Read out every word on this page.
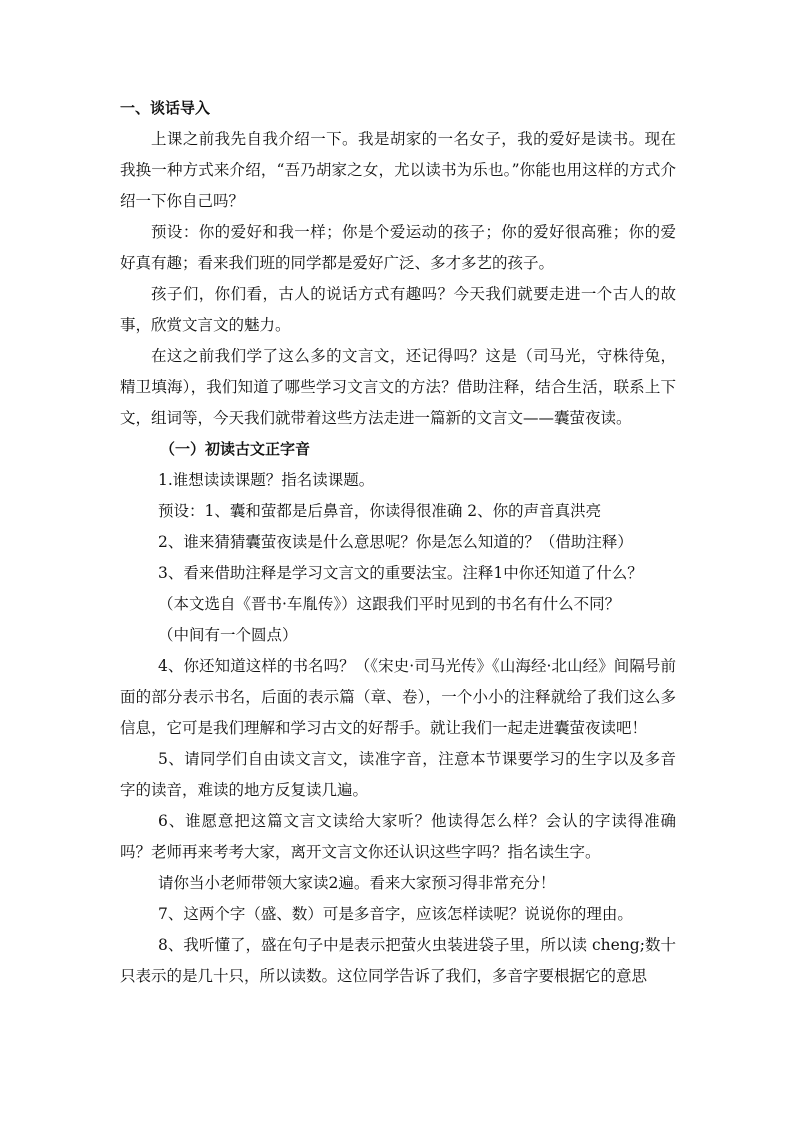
一、谈话导入

上课之前我先自我介绍一下。我是胡家的一名女子，我的爱好是读书。现在我换一种方式来介绍，“吾乃胡家之女，尤以读书为乐也。”你能也用这样的方式介绍一下你自己吗？

预设：你的爱好和我一样；你是个爱运动的孩子；你的爱好很高雅；你的爱好真有趣；看来我们班的同学都是爱好广泛、多才多艺的孩子。

孩子们，你们看，古人的说话方式有趣吗？今天我们就要走进一个古人的故事，欣赏文言文的魅力。

在这之前我们学了这么多的文言文，还记得吗？这是（司马光，守株待兔，精卫填海），我们知道了哪些学习文言文的方法？借助注释，结合生活，联系上下文，组词等，今天我们就带着这些方法走进一篇新的文言文——囊萤夜读。

（一）初读古文正字音

1.谁想读读课题？指名读课题。

预设：1、囊和萤都是后鼻音，你读得很准确 2、你的声音真洪亮

2、谁来猜猜囊萤夜读是什么意思呢？你是怎么知道的？（借助注释）

3、看来借助注释是学习文言文的重要法宝。注释1中你还知道了什么？

（本文选自《晋书·车胤传》）这跟我们平时见到的书名有什么不同？

（中间有一个圆点）

4、你还知道这样的书名吗？（《宋史·司马光传》《山海经·北山经》间隔号前面的部分表示书名，后面的表示篇（章、卷），一个小小的注释就给了我们这么多信息，它可是我们理解和学习古文的好帮手。就让我们一起走进囊萤夜读吧！

5、请同学们自由读文言文，读准字音，注意本节课要学习的生字以及多音字的读音，难读的地方反复读几遍。

6、谁愿意把这篇文言文读给大家听？他读得怎么样？会认的字读得准确吗？老师再来考考大家，离开文言文你还认识这些字吗？指名读生字。

请你当小老师带领大家读2遍。看来大家预习得非常充分！

7、这两个字（盛、数）可是多音字，应该怎样读呢？说说你的理由。

8、我听懂了，盛在句子中是表示把萤火虫装进袋子里，所以读 cheng;数十只表示的是几十只，所以读数。这位同学告诉了我们，多音字要根据它的意思
